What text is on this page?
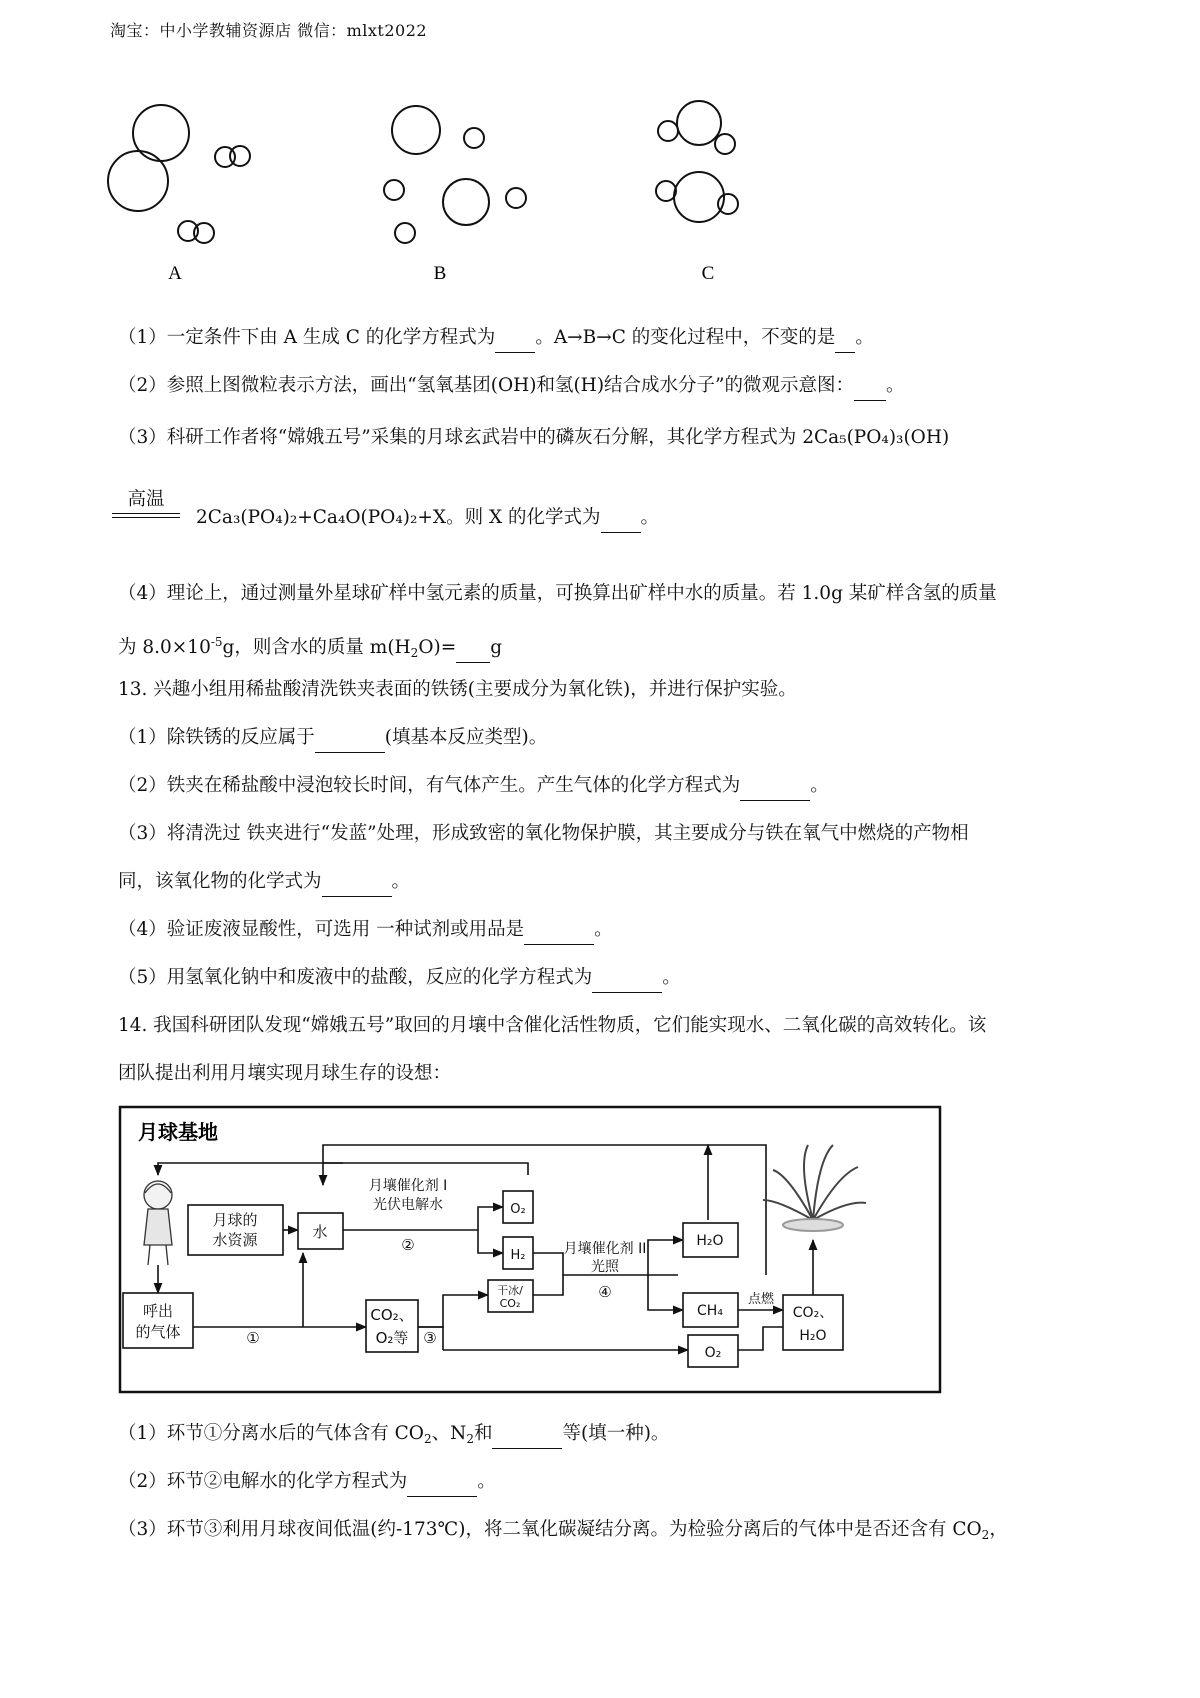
淘宝：中小学教辅资源店 微信：mlxt2022
A	B	C
（1）一定条件下由 A 生成 C 的化学方程式为 。A→B→C 的变化过程中，不变的是 。
（2）参照上图微粒表示方法，画出“氢氧基团(OH)和氢(H)结合成水分子”的微观示意图： 。
（3）科研工作者将“嫦娥五号”采集的月球玄武岩中的磷灰石分解，其化学方程式为 2Ca₅(PO₄)₃(OH)
高温
2Ca₃(PO₄)₂+Ca₄O(PO₄)₂+X。则 X 的化学式为 。
（4）理论上，通过测量外星球矿样中氢元素的质量，可换算出矿样中水的质量。若 1.0g 某矿样含氢的质量
为 $8.0\times 10^{-5}g$，则含水的质量 $m(H_2O)= g$
13. 兴趣小组用稀盐酸清洗铁夹表面的铁锈(主要成分为氧化铁)，并进行保护实验。
（1）除铁锈的反应属于	(填基本反应类型)。
（2）铁夹在稀盐酸中浸泡较长时间，有气体产生。产生气体的化学方程式为	。
（3）将清洗过 铁夹进行“发蓝”处理，形成致密的氧化物保护膜，其主要成分与铁在氧气中燃烧的产物相
同，该氧化物的化学式为	。
（4）验证废液显酸性，可选用 一种试剂或用品是	。
（5）用氢氧化钠中和废液中的盐酸，反应的化学方程式为	。
14. 我国科研团队发现“嫦娥五号”取回的月壤中含催化活性物质，它们能实现水、二氧化碳的高效转化。该
团队提出利用月壤实现月球生存的设想：
月球基地
月球的
水资源	水
呼出
的气体
CO₂、
O₂等
月壤催化剂 I
光伏电解水
②
O₂
H₂
干冰/
CO₂
月壤催化剂 II
光照
④
H₂O
CH₄
O₂
点燃
CO₂、
H₂O
①	③
（1）环节①分离水后的气体含有 $CO_2$、$N_2$和	等(填一种)。
（2）环节②电解水的化学方程式为	。
（3）环节③利用月球夜间低温(约-173℃)，将二氧化碳凝结分离。为检验分离后的气体中是否还含有 $CO_2$，
